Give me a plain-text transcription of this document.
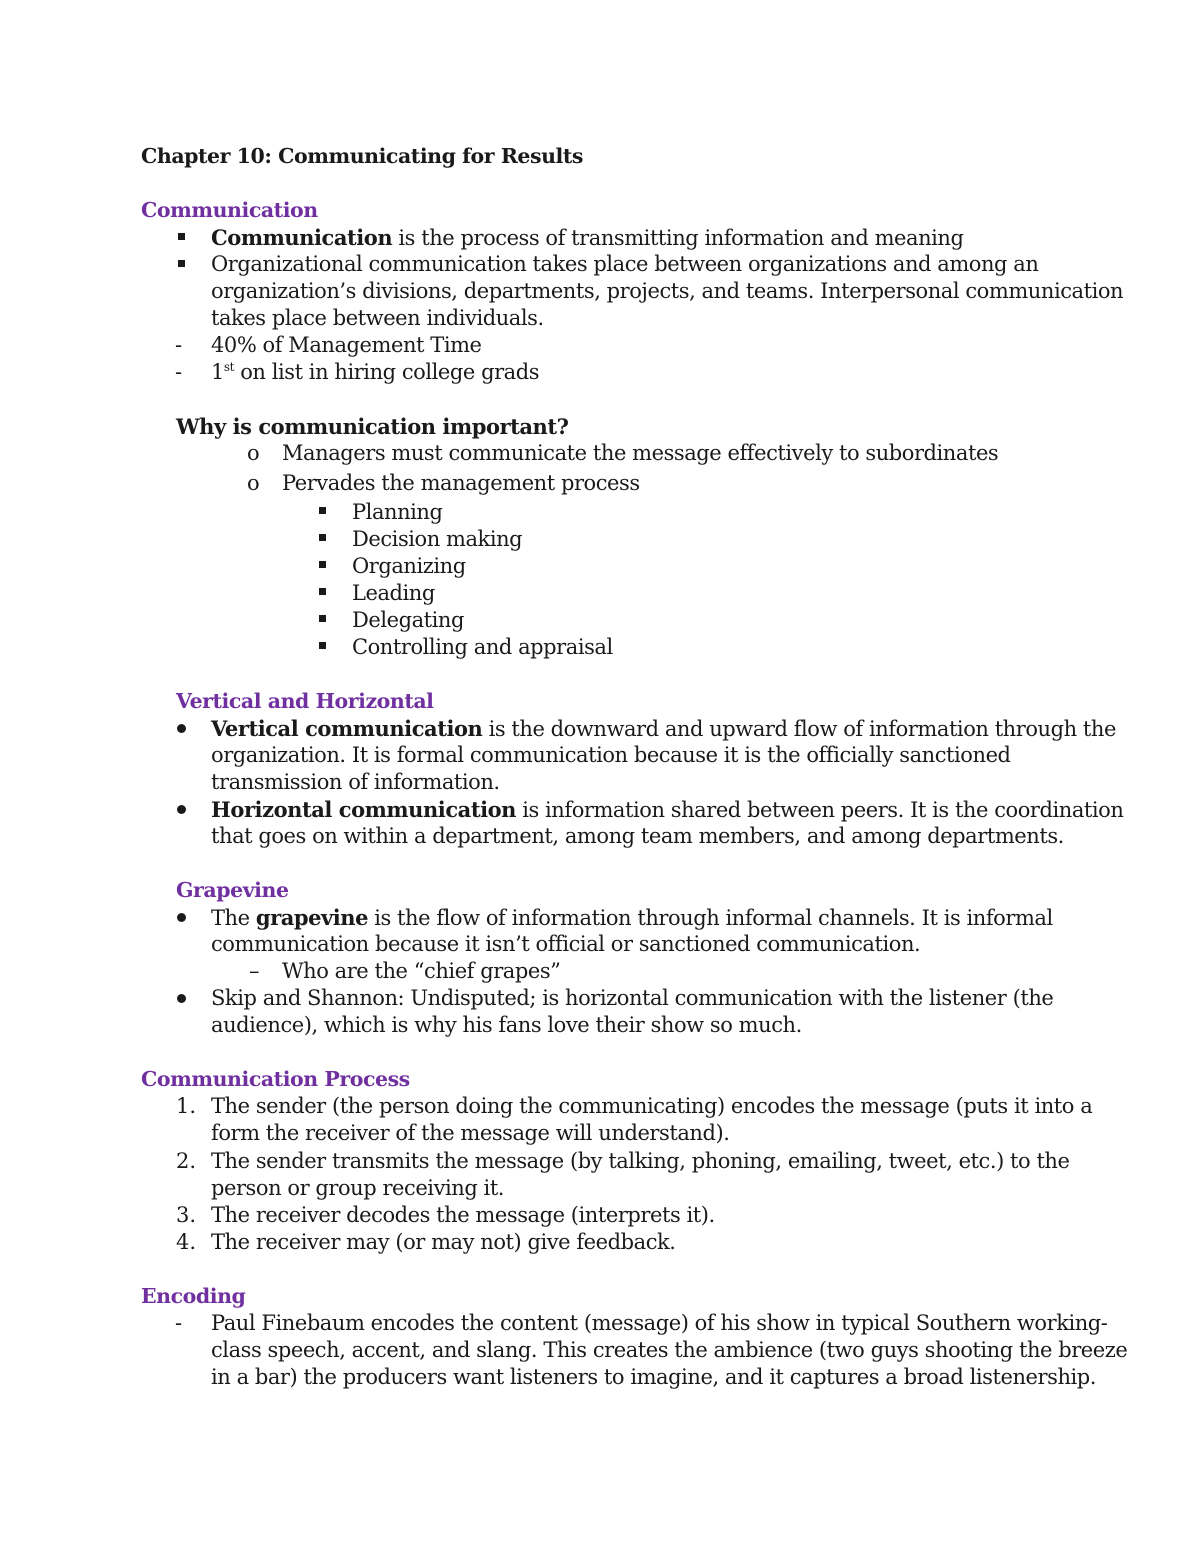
Chapter 10: Communicating for Results
Communication
Communication is the process of transmitting information and meaning
Organizational communication takes place between organizations and among an
organization’s divisions, departments, projects, and teams. Interpersonal communication
takes place between individuals.
- 40% of Management Time
- 1st on list in hiring college grads
Why is communication important?
o Managers must communicate the message effectively to subordinates
o Pervades the management process
Planning
Decision making
Organizing
Leading
Delegating
Controlling and appraisal
Vertical and Horizontal
Vertical communication is the downward and upward flow of information through the
organization. It is formal communication because it is the officially sanctioned
transmission of information.
Horizontal communication is information shared between peers. It is the coordination
that goes on within a department, among team members, and among departments.
Grapevine
The grapevine is the flow of information through informal channels. It is informal
communication because it isn’t official or sanctioned communication.
– Who are the “chief grapes”
Skip and Shannon: Undisputed; is horizontal communication with the listener (the
audience), which is why his fans love their show so much.
Communication Process
1. The sender (the person doing the communicating) encodes the message (puts it into a
form the receiver of the message will understand).
2. The sender transmits the message (by talking, phoning, emailing, tweet, etc.) to the
person or group receiving it.
3. The receiver decodes the message (interprets it).
4. The receiver may (or may not) give feedback.
Encoding
- Paul Finebaum encodes the content (message) of his show in typical Southern working-
class speech, accent, and slang. This creates the ambience (two guys shooting the breeze
in a bar) the producers want listeners to imagine, and it captures a broad listenership.
